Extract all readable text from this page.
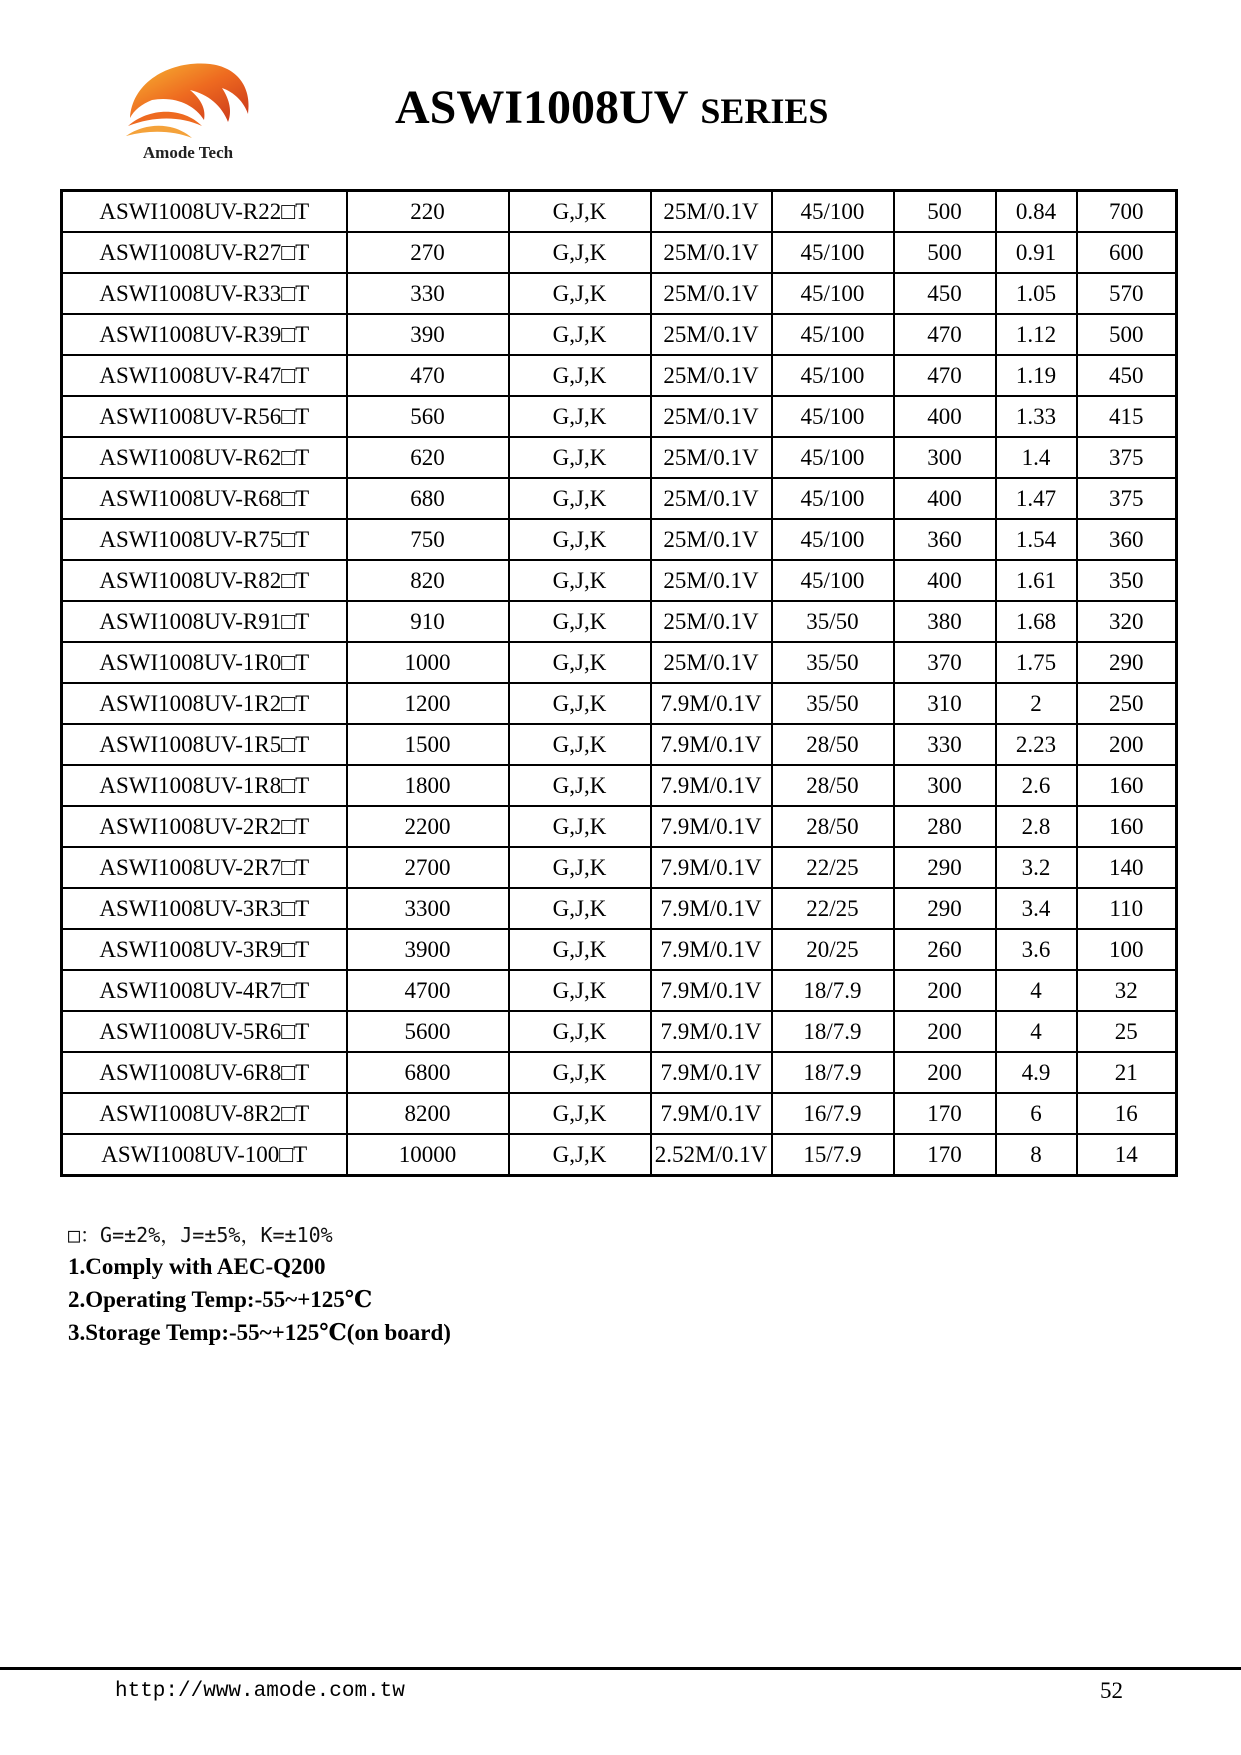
Amode Tech
ASWI1008UV SERIES
ASWI1008UV-R22□T	220	G,J,K	25M/0.1V	45/100	500	0.84	700
ASWI1008UV-R27□T	270	G,J,K	25M/0.1V	45/100	500	0.91	600
ASWI1008UV-R33□T	330	G,J,K	25M/0.1V	45/100	450	1.05	570
ASWI1008UV-R39□T	390	G,J,K	25M/0.1V	45/100	470	1.12	500
ASWI1008UV-R47□T	470	G,J,K	25M/0.1V	45/100	470	1.19	450
ASWI1008UV-R56□T	560	G,J,K	25M/0.1V	45/100	400	1.33	415
ASWI1008UV-R62□T	620	G,J,K	25M/0.1V	45/100	300	1.4	375
ASWI1008UV-R68□T	680	G,J,K	25M/0.1V	45/100	400	1.47	375
ASWI1008UV-R75□T	750	G,J,K	25M/0.1V	45/100	360	1.54	360
ASWI1008UV-R82□T	820	G,J,K	25M/0.1V	45/100	400	1.61	350
ASWI1008UV-R91□T	910	G,J,K	25M/0.1V	35/50	380	1.68	320
ASWI1008UV-1R0□T	1000	G,J,K	25M/0.1V	35/50	370	1.75	290
ASWI1008UV-1R2□T	1200	G,J,K	7.9M/0.1V	35/50	310	2	250
ASWI1008UV-1R5□T	1500	G,J,K	7.9M/0.1V	28/50	330	2.23	200
ASWI1008UV-1R8□T	1800	G,J,K	7.9M/0.1V	28/50	300	2.6	160
ASWI1008UV-2R2□T	2200	G,J,K	7.9M/0.1V	28/50	280	2.8	160
ASWI1008UV-2R7□T	2700	G,J,K	7.9M/0.1V	22/25	290	3.2	140
ASWI1008UV-3R3□T	3300	G,J,K	7.9M/0.1V	22/25	290	3.4	110
ASWI1008UV-3R9□T	3900	G,J,K	7.9M/0.1V	20/25	260	3.6	100
ASWI1008UV-4R7□T	4700	G,J,K	7.9M/0.1V	18/7.9	200	4	32
ASWI1008UV-5R6□T	5600	G,J,K	7.9M/0.1V	18/7.9	200	4	25
ASWI1008UV-6R8□T	6800	G,J,K	7.9M/0.1V	18/7.9	200	4.9	21
ASWI1008UV-8R2□T	8200	G,J,K	7.9M/0.1V	16/7.9	170	6	16
ASWI1008UV-100□T	10000	G,J,K	2.52M/0.1V	15/7.9	170	8	14
□：G=±2%，J=±5%，K=±10%
1.Comply with AEC-Q200
2.Operating Temp:-55~+125℃
3.Storage Temp:-55~+125℃(on board)
http://www.amode.com.tw	52
